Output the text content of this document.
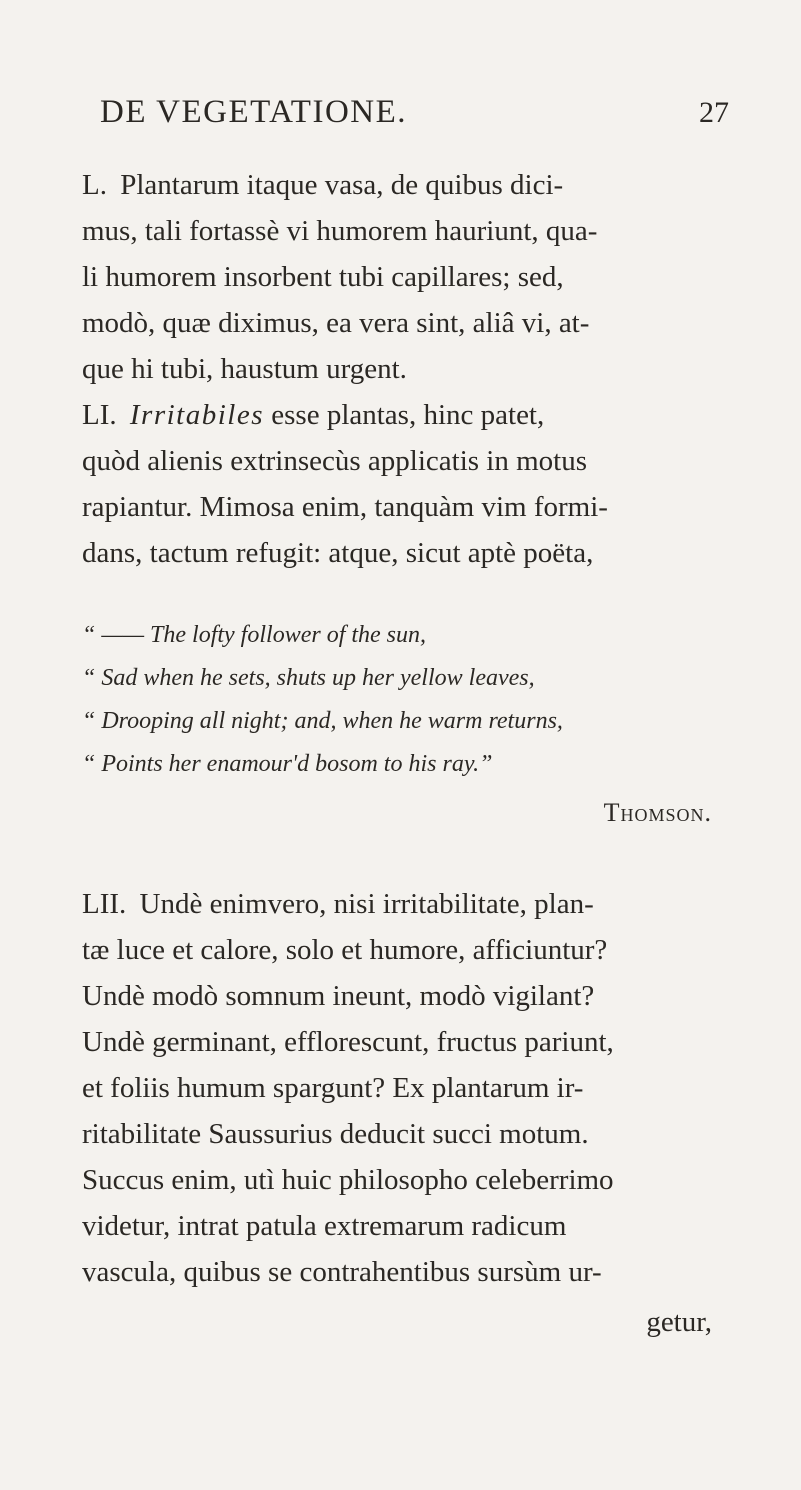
DE VEGETATIONE.	27
L. Plantarum itaque vasa, de quibus dici-
mus, tali fortassè vi humorem hauriunt, qua-
li humorem insorbent tubi capillares; sed,
modò, quæ diximus, ea vera sint, aliâ vi, at-
que hi tubi, haustum urgent.
LI. Irritabiles esse plantas, hinc patet,
quòd alienis extrinsecùs applicatis in motus
rapiantur. Mimosa enim, tanquàm vim formi-
dans, tactum refugit: atque, sicut aptè poëta,
“ —— The lofty follower of the sun,
“ Sad when he sets, shuts up her yellow leaves,
“ Drooping all night; and, when he warm returns,
“ Points her enamour'd bosom to his ray.”
Thomson.
LII. Undè enimvero, nisi irritabilitate, plan-
tæ luce et calore, solo et humore, afficiuntur?
Undè modò somnum ineunt, modò vigilant?
Undè germinant, efflorescunt, fructus pariunt,
et foliis humum spargunt? Ex plantarum ir-
ritabilitate Saussurius deducit succi motum.
Succus enim, utì huic philosopho celeberrimo
videtur, intrat patula extremarum radicum
vascula, quibus se contrahentibus sursùm ur-
getur,
